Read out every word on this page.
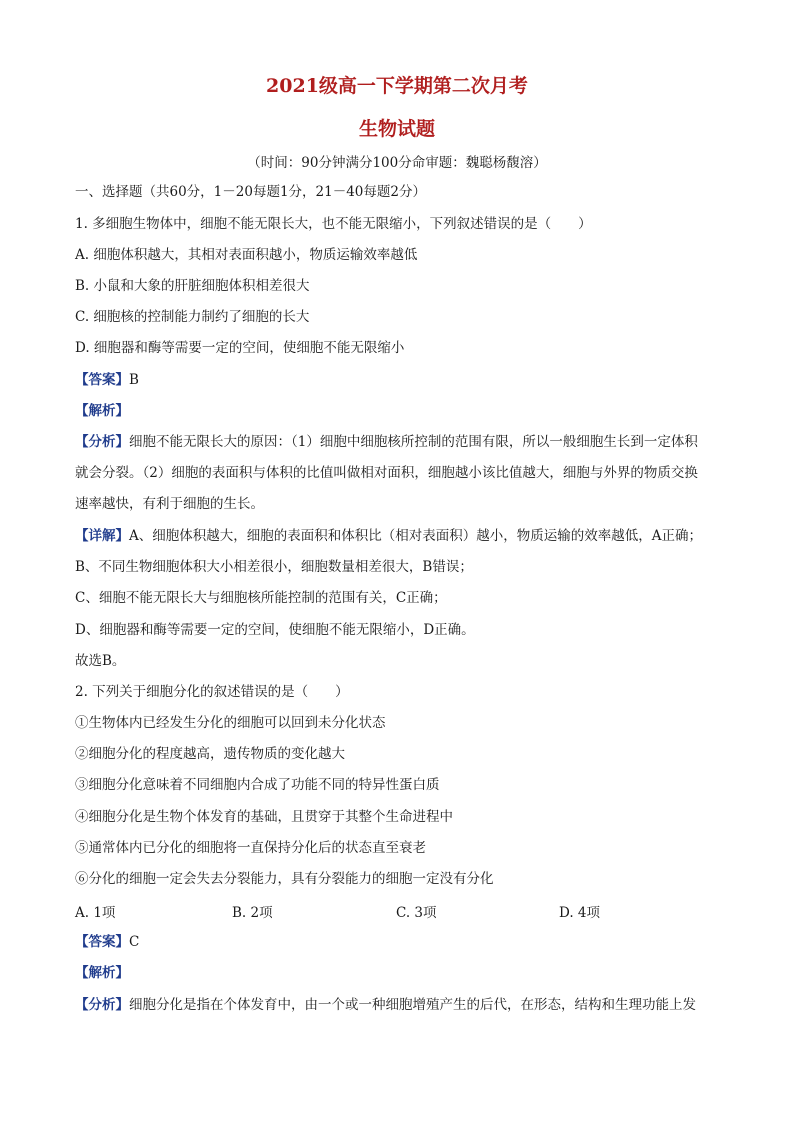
2021级高一下学期第二次月考
生物试题
（时间：90分钟满分100分命审题：魏聪杨馥溶）
一、选择题（共60分，1－20每题1分，21－40每题2分）
1. 多细胞生物体中，细胞不能无限长大，也不能无限缩小，下列叙述错误的是（　　）
A. 细胞体积越大，其相对表面积越小，物质运输效率越低
B. 小鼠和大象的肝脏细胞体积相差很大
C. 细胞核的控制能力制约了细胞的长大
D. 细胞器和酶等需要一定的空间，使细胞不能无限缩小
【答案】B
【解析】
【分析】细胞不能无限长大的原因：（1）细胞中细胞核所控制的范围有限，所以一般细胞生长到一定体积
就会分裂。（2）细胞的表面积与体积的比值叫做相对面积，细胞越小该比值越大，细胞与外界的物质交换
速率越快，有利于细胞的生长。
【详解】A、细胞体积越大，细胞的表面积和体积比（相对表面积）越小，物质运输的效率越低，A正确；
B、不同生物细胞体积大小相差很小，细胞数量相差很大，B错误；
C、细胞不能无限长大与细胞核所能控制的范围有关，C正确；
D、细胞器和酶等需要一定的空间，使细胞不能无限缩小，D正确。
故选B。
2. 下列关于细胞分化的叙述错误的是（　　）
①生物体内已经发生分化的细胞可以回到未分化状态
②细胞分化的程度越高，遗传物质的变化越大
③细胞分化意味着不同细胞内合成了功能不同的特异性蛋白质
④细胞分化是生物个体发育的基础，且贯穿于其整个生命进程中
⑤通常体内已分化的细胞将一直保持分化后的状态直至衰老
⑥分化的细胞一定会失去分裂能力，具有分裂能力的细胞一定没有分化
A. 1项	B. 2项	C. 3项	D. 4项
【答案】C
【解析】
【分析】细胞分化是指在个体发育中，由一个或一种细胞增殖产生的后代，在形态，结构和生理功能上发
